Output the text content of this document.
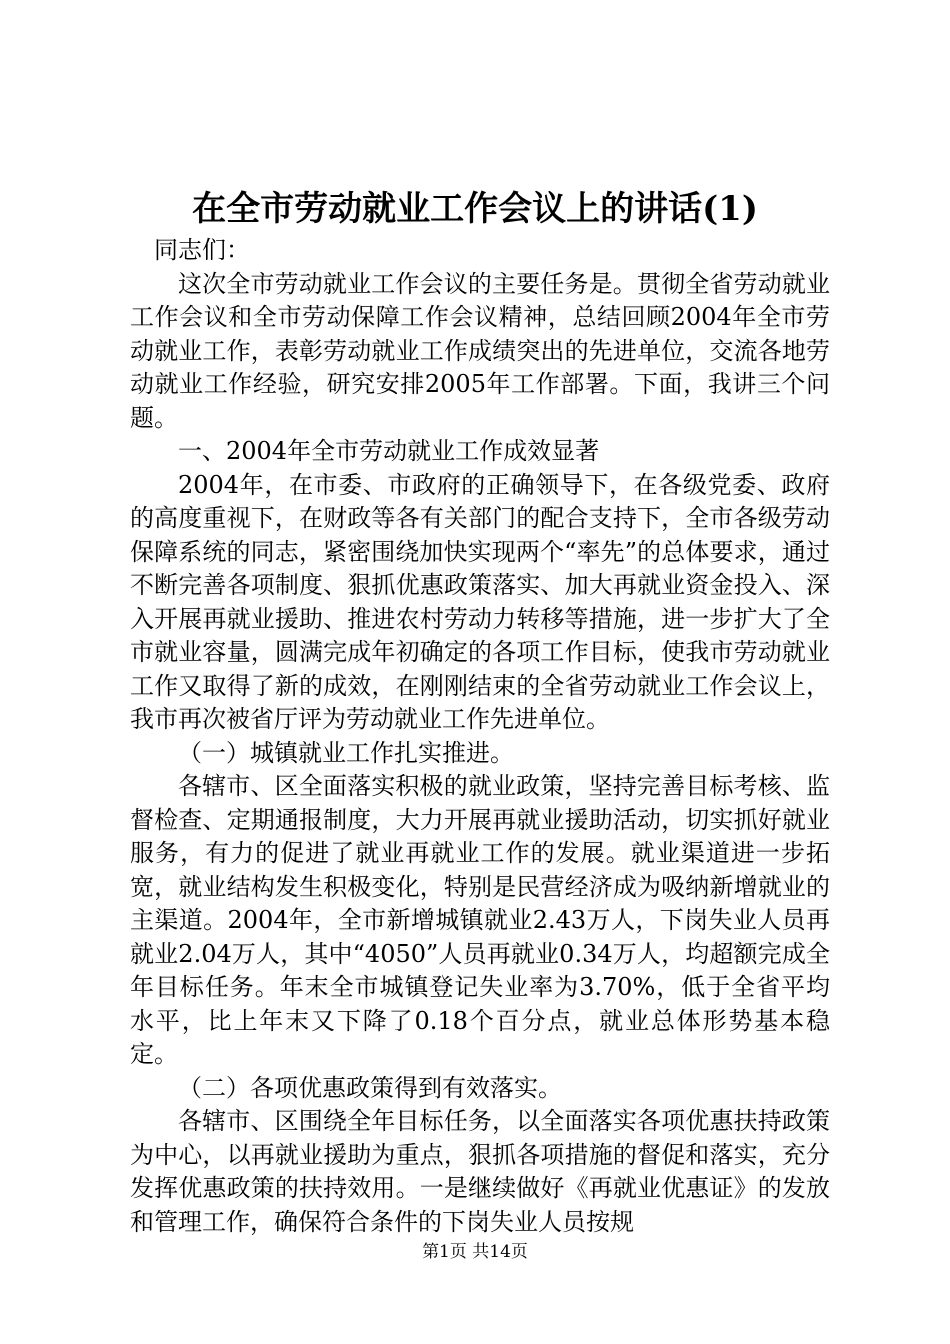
在全市劳动就业工作会议上的讲话(1)

同志们：

这次全市劳动就业工作会议的主要任务是。贯彻全省劳动就业工作会议和全市劳动保障工作会议精神，总结回顾2004年全市劳动就业工作，表彰劳动就业工作成绩突出的先进单位，交流各地劳动就业工作经验，研究安排2005年工作部署。下面，我讲三个问题。

一、2004年全市劳动就业工作成效显著

2004年，在市委、市政府的正确领导下，在各级党委、政府的高度重视下，在财政等各有关部门的配合支持下，全市各级劳动保障系统的同志，紧密围绕加快实现两个“率先”的总体要求，通过不断完善各项制度、狠抓优惠政策落实、加大再就业资金投入、深入开展再就业援助、推进农村劳动力转移等措施，进一步扩大了全市就业容量，圆满完成年初确定的各项工作目标，使我市劳动就业工作又取得了新的成效，在刚刚结束的全省劳动就业工作会议上，我市再次被省厅评为劳动就业工作先进单位。

（一）城镇就业工作扎实推进。

各辖市、区全面落实积极的就业政策，坚持完善目标考核、监督检查、定期通报制度，大力开展再就业援助活动，切实抓好就业服务，有力的促进了就业再就业工作的发展。就业渠道进一步拓宽，就业结构发生积极变化，特别是民营经济成为吸纳新增就业的主渠道。2004年，全市新增城镇就业2.43万人，下岗失业人员再就业2.04万人，其中“4050”人员再就业0.34万人，均超额完成全年目标任务。年末全市城镇登记失业率为3.70%，低于全省平均水平，比上年末又下降了0.18个百分点，就业总体形势基本稳定。

（二）各项优惠政策得到有效落实。

各辖市、区围绕全年目标任务，以全面落实各项优惠扶持政策为中心，以再就业援助为重点，狠抓各项措施的督促和落实，充分发挥优惠政策的扶持效用。一是继续做好《再就业优惠证》的发放和管理工作，确保符合条件的下岗失业人员按规

第1页 共14页
